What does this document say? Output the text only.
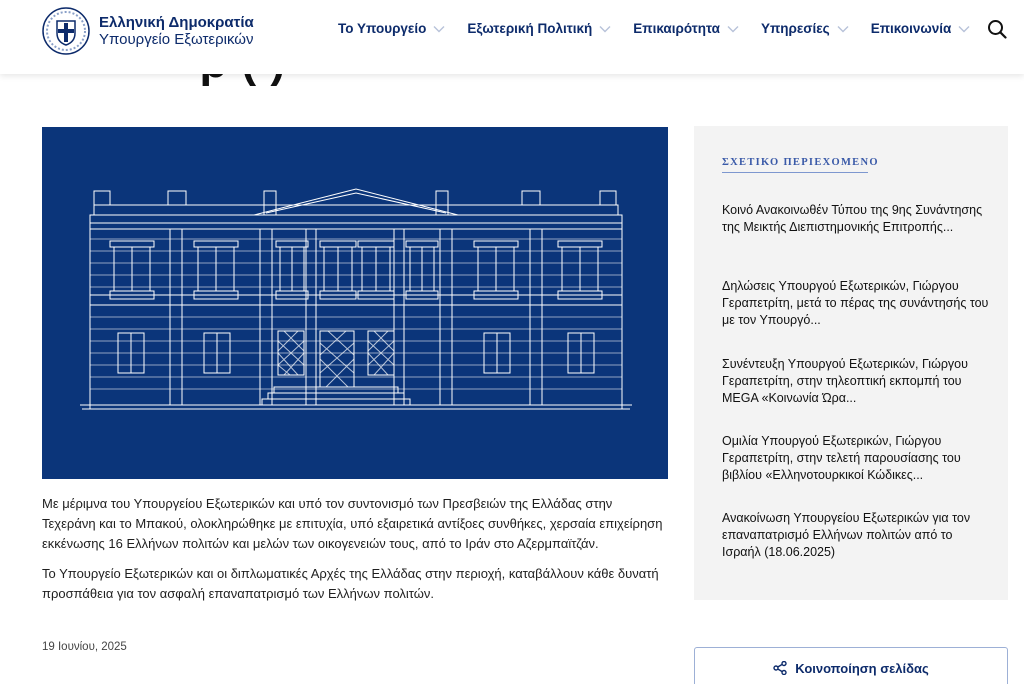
Ελληνική Δημοκρατία
Υπουργείο Εξωτερικών
Το Υπουργείο	Εξωτερική Πολιτική	Επικαιρότητα	Υπηρεσίες	Επικοινωνία

Με μέριμνα του Υπουργείου Εξωτερικών και υπό τον συντονισμό των Πρεσβειών της Ελλάδας στην Τεχεράνη και το Μπακού, ολοκληρώθηκε με επιτυχία, υπό εξαιρετικά αντίξοες συνθήκες, χερσαία επιχείρηση εκκένωσης 16 Ελλήνων πολιτών και μελών των οικογενειών τους, από το Ιράν στο Αζερμπαϊτζάν.

Το Υπουργείο Εξωτερικών και οι διπλωματικές Αρχές της Ελλάδας στην περιοχή, καταβάλλουν κάθε δυνατή προσπάθεια για τον ασφαλή επαναπατρισμό των Ελλήνων πολιτών.

19 Ιουνίου, 2025
ΣΧΕΤΙΚΟ ΠΕΡΙΕΧΟΜΕΝΟ
Κοινό Ανακοινωθέν Τύπου της 9ης Συνάντησης της Μεικτής Διεπιστημονικής Επιτροπής...
Δηλώσεις Υπουργού Εξωτερικών, Γιώργου Γεραπετρίτη, μετά το πέρας της συνάντησής του με τον Υπουργό...
Συνέντευξη Υπουργού Εξωτερικών, Γιώργου Γεραπετρίτη, στην τηλεοπτική εκπομπή του MEGA «Κοινωνία Ώρα...
Ομιλία Υπουργού Εξωτερικών, Γιώργου Γεραπετρίτη, στην τελετή παρουσίασης του βιβλίου «Ελληνοτουρκικοί Κώδικες...
Ανακοίνωση Υπουργείου Εξωτερικών για τον επαναπατρισμό Ελλήνων πολιτών από το Ισραήλ (18.06.2025)
Κοινοποίηση σελίδας
